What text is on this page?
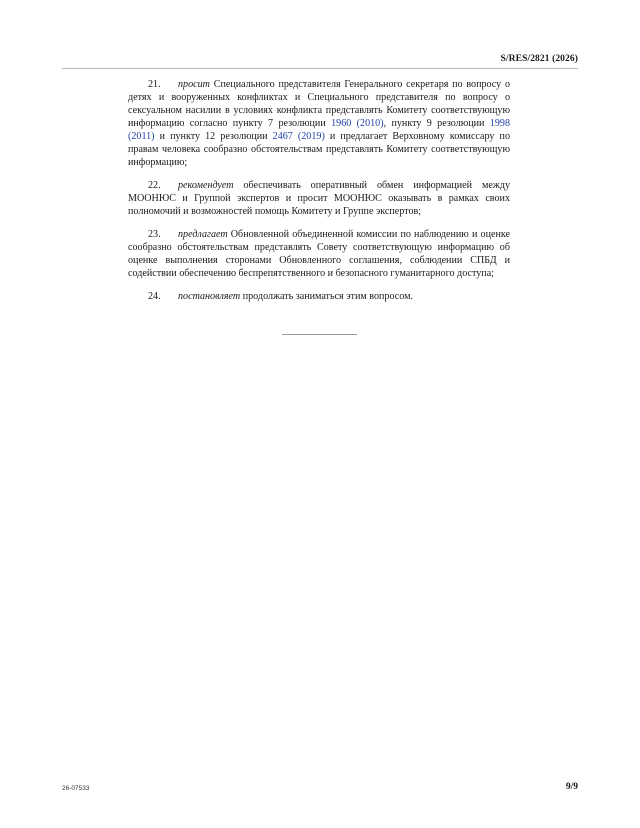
S/RES/2821 (2026)

21. просит Специального представителя Генерального секретаря по вопросу о детях и вооруженных конфликтах и Специального представителя по вопросу о сексуальном насилии в условиях конфликта представлять Комитету соответствующую информацию согласно пункту 7 резолюции 1960 (2010), пункту 9 резолюции 1998 (2011) и пункту 12 резолюции 2467 (2019) и предлагает Верховному комиссару по правам человека сообразно обстоятельствам представлять Комитету соответствующую информацию;

22. рекомендует обеспечивать оперативный обмен информацией между МООНЮС и Группой экспертов и просит МООНЮС оказывать в рамках своих полномочий и возможностей помощь Комитету и Группе экспертов;

23. предлагает Обновленной объединенной комиссии по наблюдению и оценке сообразно обстоятельствам представлять Совету соответствующую информацию об оценке выполнения сторонами Обновленного соглашения, соблюдении СПБД и содействии обеспечению беспрепятственного и безопасного гуманитарного доступа;

24. постановляет продолжать заниматься этим вопросом.

26-07533	9/9
